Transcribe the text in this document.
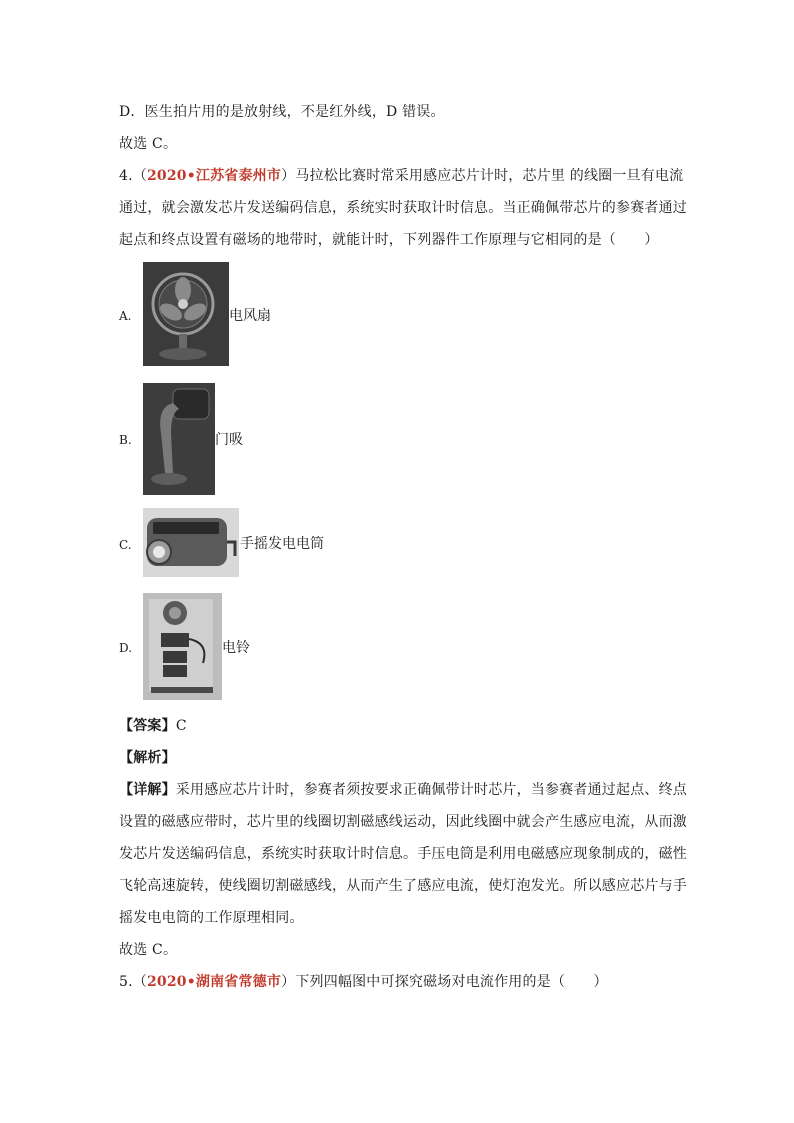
D．医生拍片用的是放射线，不是红外线，D 错误。
故选 C。
4.（2020•江苏省泰州市）马拉松比赛时常采用感应芯片计时，芯片里 的线圈一旦有电流
通过，就会激发芯片发送编码信息，系统实时获取计时信息。当正确佩带芯片的参赛者通过
起点和终点设置有磁场的地带时，就能计时，下列器件工作原理与它相同的是（　　）
A.	电风扇
B.	门吸
C.	手摇发电电筒
D.	电铃
【答案】C
【解析】
【详解】采用感应芯片计时，参赛者须按要求正确佩带计时芯片，当参赛者通过起点、终点
设置的磁感应带时，芯片里的线圈切割磁感线运动，因此线圈中就会产生感应电流，从而激
发芯片发送编码信息，系统实时获取计时信息。手压电筒是利用电磁感应现象制成的，磁性
飞轮高速旋转，使线圈切割磁感线，从而产生了感应电流，使灯泡发光。所以感应芯片与手
摇发电电筒的工作原理相同。
故选 C。
5.（2020•湖南省常德市）下列四幅图中可探究磁场对电流作用的是（　　）
